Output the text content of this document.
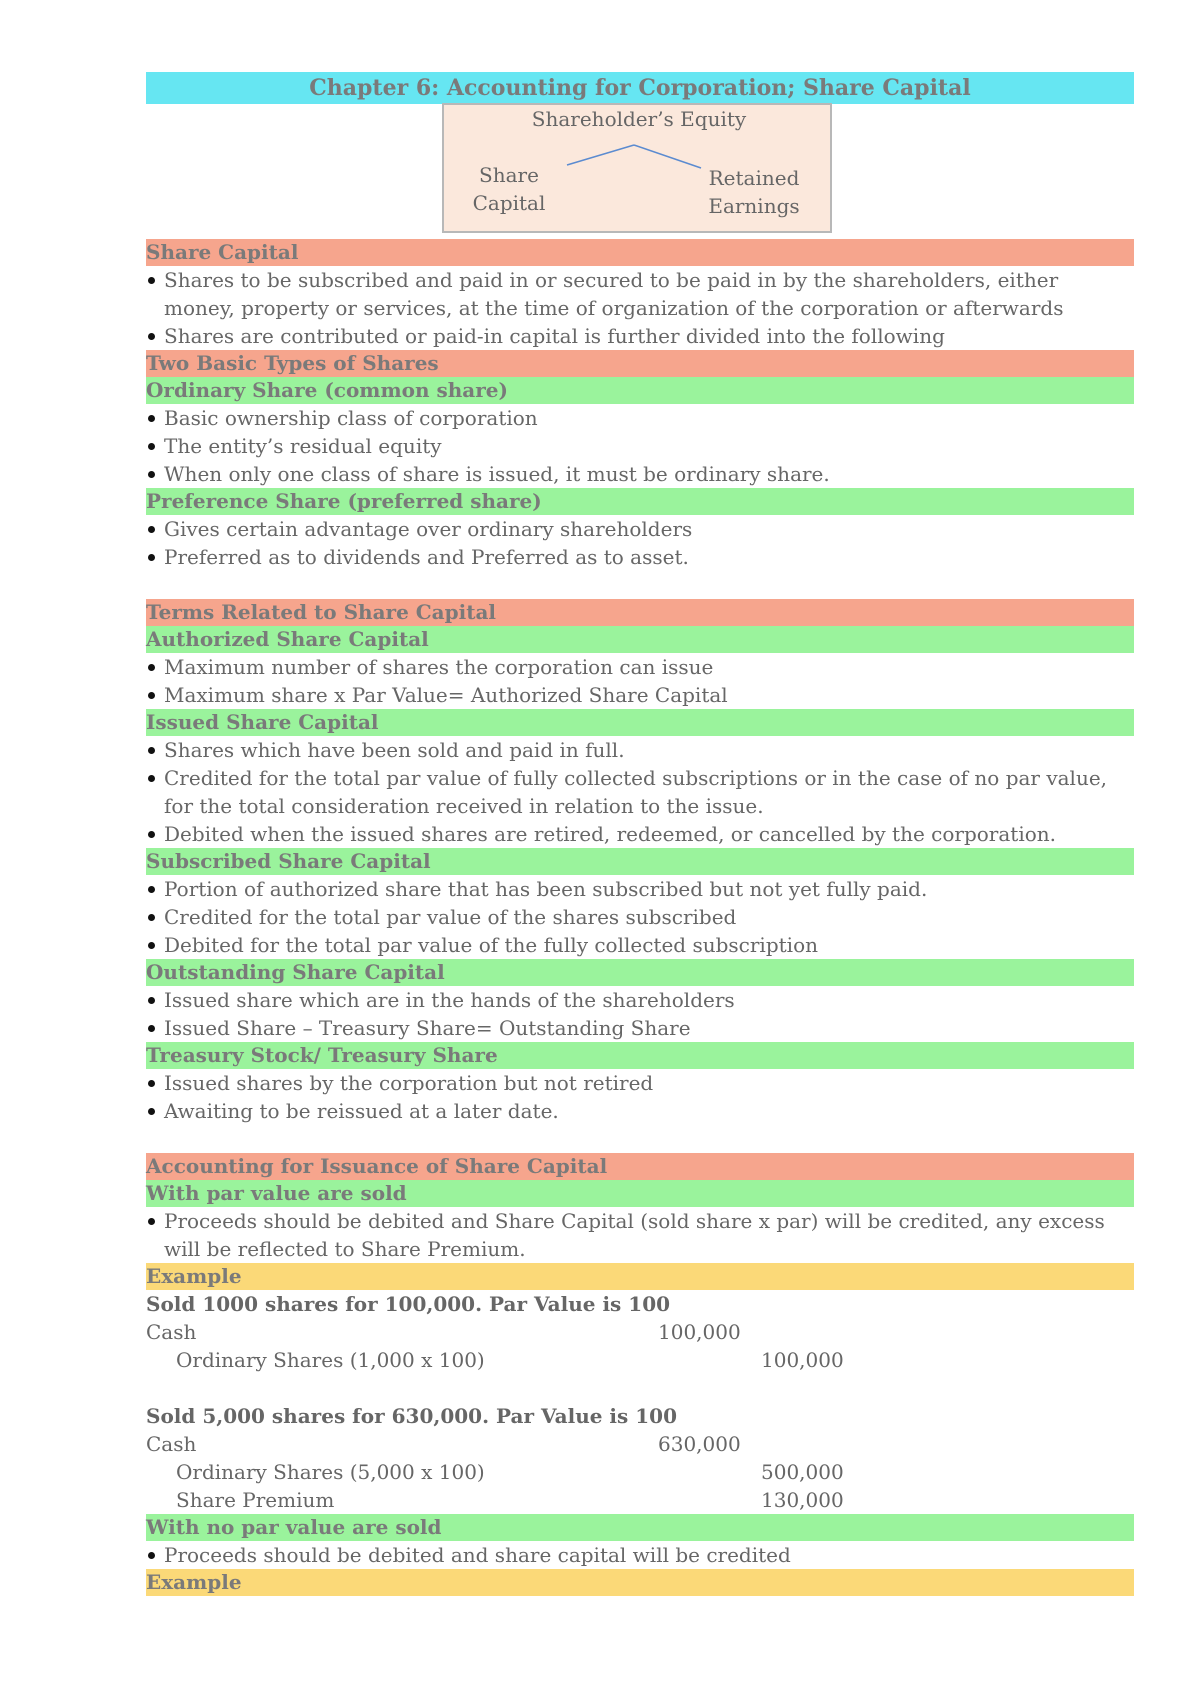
Chapter 6: Accounting for Corporation; Share Capital
Shareholder’s Equity
Share
Capital
Retained
Earnings
Share Capital
Shares to be subscribed and paid in or secured to be paid in by the shareholders, either money, property or services, at the time of organization of the corporation or afterwards
Shares are contributed or paid-in capital is further divided into the following
Two Basic Types of Shares
Ordinary Share (common share)
Basic ownership class of corporation
The entity’s residual equity
When only one class of share is issued, it must be ordinary share.
Preference Share (preferred share)
Gives certain advantage over ordinary shareholders
Preferred as to dividends and Preferred as to asset.
Terms Related to Share Capital
Authorized Share Capital
Maximum number of shares the corporation can issue
Maximum share x Par Value= Authorized Share Capital
Issued Share Capital
Shares which have been sold and paid in full.
Credited for the total par value of fully collected subscriptions or in the case of no par value, for the total consideration received in relation to the issue.
Debited when the issued shares are retired, redeemed, or cancelled by the corporation.
Subscribed Share Capital
Portion of authorized share that has been subscribed but not yet fully paid.
Credited for the total par value of the shares subscribed
Debited for the total par value of the fully collected subscription
Outstanding Share Capital
Issued share which are in the hands of the shareholders
Issued Share – Treasury Share= Outstanding Share
Treasury Stock/ Treasury Share
Issued shares by the corporation but not retired
Awaiting to be reissued at a later date.
Accounting for Issuance of Share Capital
With par value are sold
Proceeds should be debited and Share Capital (sold share x par) will be credited, any excess will be reflected to Share Premium.
Example
Sold 1000 shares for 100,000. Par Value is 100
Cash	100,000
Ordinary Shares (1,000 x 100)	100,000
Sold 5,000 shares for 630,000. Par Value is 100
Cash	630,000
Ordinary Shares (5,000 x 100)	500,000
Share Premium	130,000
With no par value are sold
Proceeds should be debited and share capital will be credited
Example
